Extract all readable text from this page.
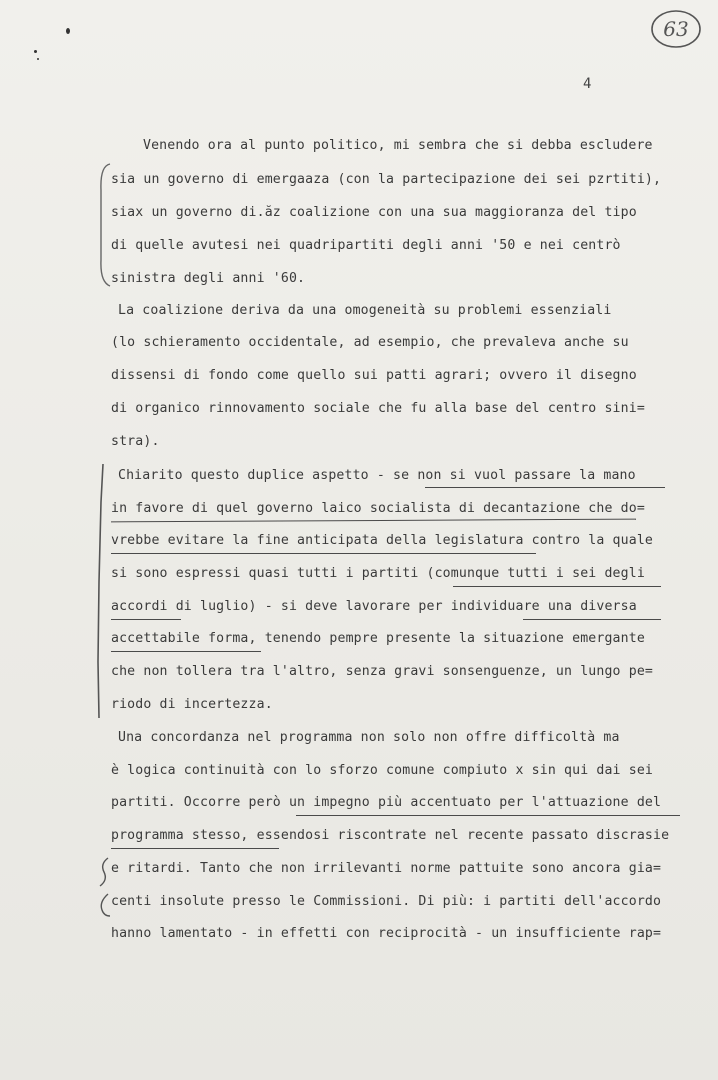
63
4
Venendo ora al punto politico, mi sembra che si debba escludere
sia un governo di emergaaza (con la partecipazione dei sei pzrtiti),
siax un governo di.ăz coalizione con una sua maggioranza del tipo
di quelle avutesi nei quadripartiti degli anni '50 e nei centrò
sinistra degli anni '60.
La coalizione deriva da una omogeneità su problemi essenziali
(lo schieramento occidentale, ad esempio, che prevaleva anche su
dissensi di fondo come quello sui patti agrari; ovvero il disegno
di organico rinnovamento sociale che fu alla base del centro sini=
stra).
Chiarito questo duplice aspetto - se non si vuol passare la mano
in favore di quel governo laico socialista di decantazione che do=
vrebbe evitare la fine anticipata della legislatura contro la quale
si sono espressi quasi tutti i partiti (comunque tutti i sei degli
accordi di luglio) - si deve lavorare per individuare una diversa
accettabile forma, tenendo pempre presente la situazione emergante
che non tollera tra l'altro, senza gravi sonsenguenze, un lungo pe=
riodo di incertezza.
Una concordanza nel programma non solo non offre difficoltà ma
è logica continuità con lo sforzo comune compiuto x sin qui dai sei
partiti. Occorre però un impegno più accentuato per l'attuazione del
programma stesso, essendosi riscontrate nel recente passato discrasie
e ritardi. Tanto che non irrilevanti norme pattuite sono ancora gia=
centi insolute presso le Commissioni. Di più: i partiti dell'accordo
hanno lamentato - in effetti con reciprocità - un insufficiente rap=
